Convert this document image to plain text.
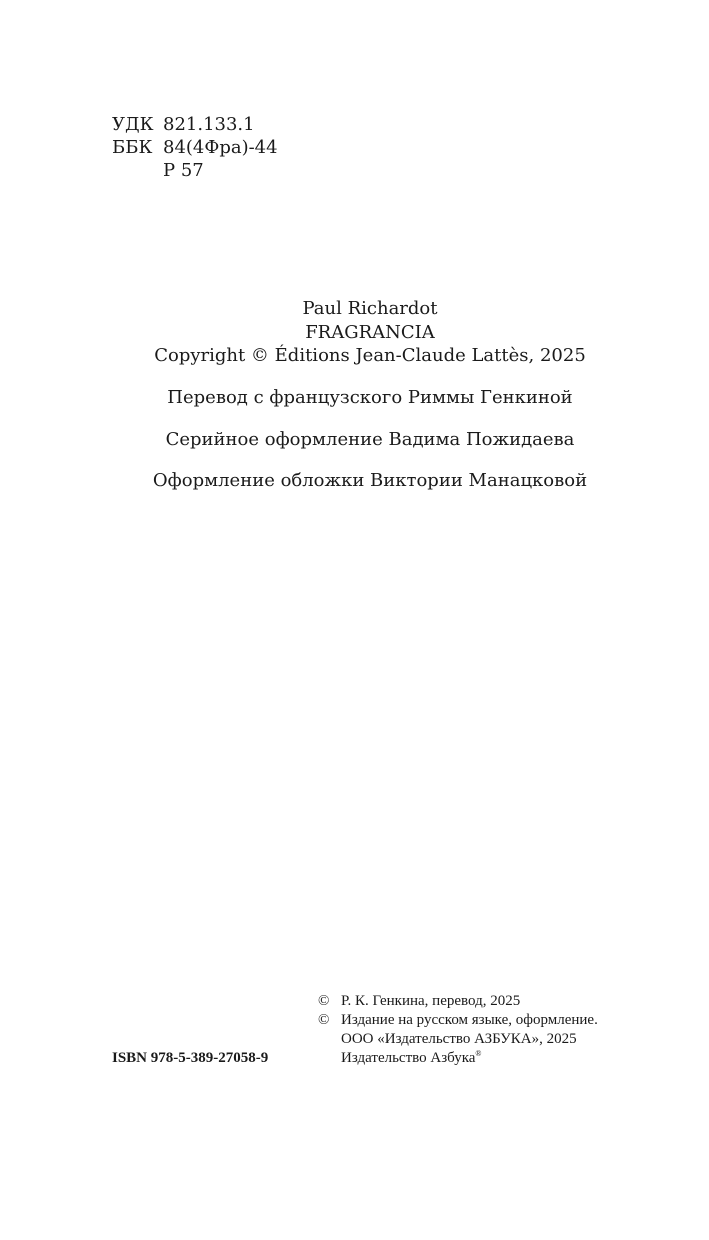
УДК 821.133.1
ББК 84(4Фра)-44
Р 57
Paul Richardot
FRAGRANCIA
Copyright © Éditions Jean-Claude Lattès, 2025
Перевод с французского Риммы Генкиной
Серийное оформление Вадима Пожидаева
Оформление обложки Виктории Манацковой
© Р. К. Генкина, перевод, 2025
© Издание на русском языке, оформление.
ООО «Издательство АЗБУКА», 2025
Издательство Азбука®
ISBN 978-5-389-27058-9
